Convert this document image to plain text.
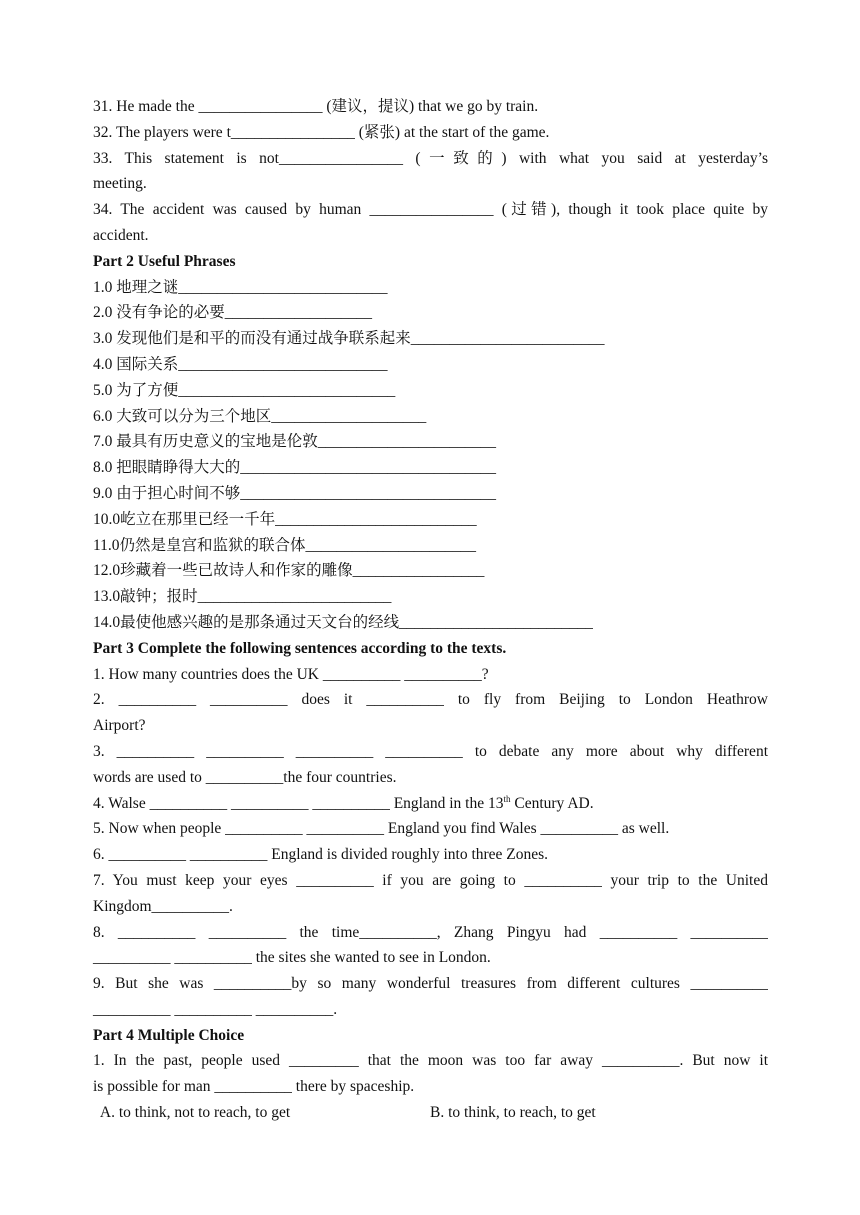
31. He made the ________________ (建议，提议) that we go by train.
32. The players were t________________ (紧张) at the start of the game.
33. This statement is not________________ (一致的) with what you said at yesterday’s
meeting.
34. The accident was caused by human ________________ (过错), though it took place quite by
accident.
Part 2 Useful Phrases
1.0 地理之谜___________________________
2.0 没有争论的必要___________________
3.0 发现他们是和平的而没有通过战争联系起来_________________________
4.0 国际关系___________________________
5.0 为了方便____________________________
6.0 大致可以分为三个地区____________________
7.0 最具有历史意义的宝地是伦敦_______________________
8.0 把眼睛睁得大大的_________________________________
9.0 由于担心时间不够_________________________________
10.0屹立在那里已经一千年__________________________
11.0仍然是皇宫和监狱的联合体______________________
12.0珍藏着一些已故诗人和作家的雕像_________________
13.0敲钟；报时_________________________
14.0最使他感兴趣的是那条通过天文台的经线_________________________
Part 3 Complete the following sentences according to the texts.
1. How many countries does the UK __________ __________?
2. __________ __________ does it __________ to fly from Beijing to London Heathrow
Airport?
3. __________ __________ __________ __________ to debate any more about why different
words are used to __________the four countries.
4. Walse __________ __________ __________ England in the 13th Century AD.
5. Now when people __________ __________ England you find Wales __________ as well.
6. __________ __________ England is divided roughly into three Zones.
7. You must keep your eyes __________ if you are going to __________ your trip to the United
Kingdom__________.
8. __________ __________ the time__________, Zhang Pingyu had __________ __________
__________ __________ the sites she wanted to see in London.
9. But she was __________by so many wonderful treasures from different cultures __________
__________ __________ __________.
Part 4 Multiple Choice
1. In the past, people used _________ that the moon was too far away __________. But now it
is possible for man __________ there by spaceship.
A. to think, not to reach, to get	B. to think, to reach, to get
